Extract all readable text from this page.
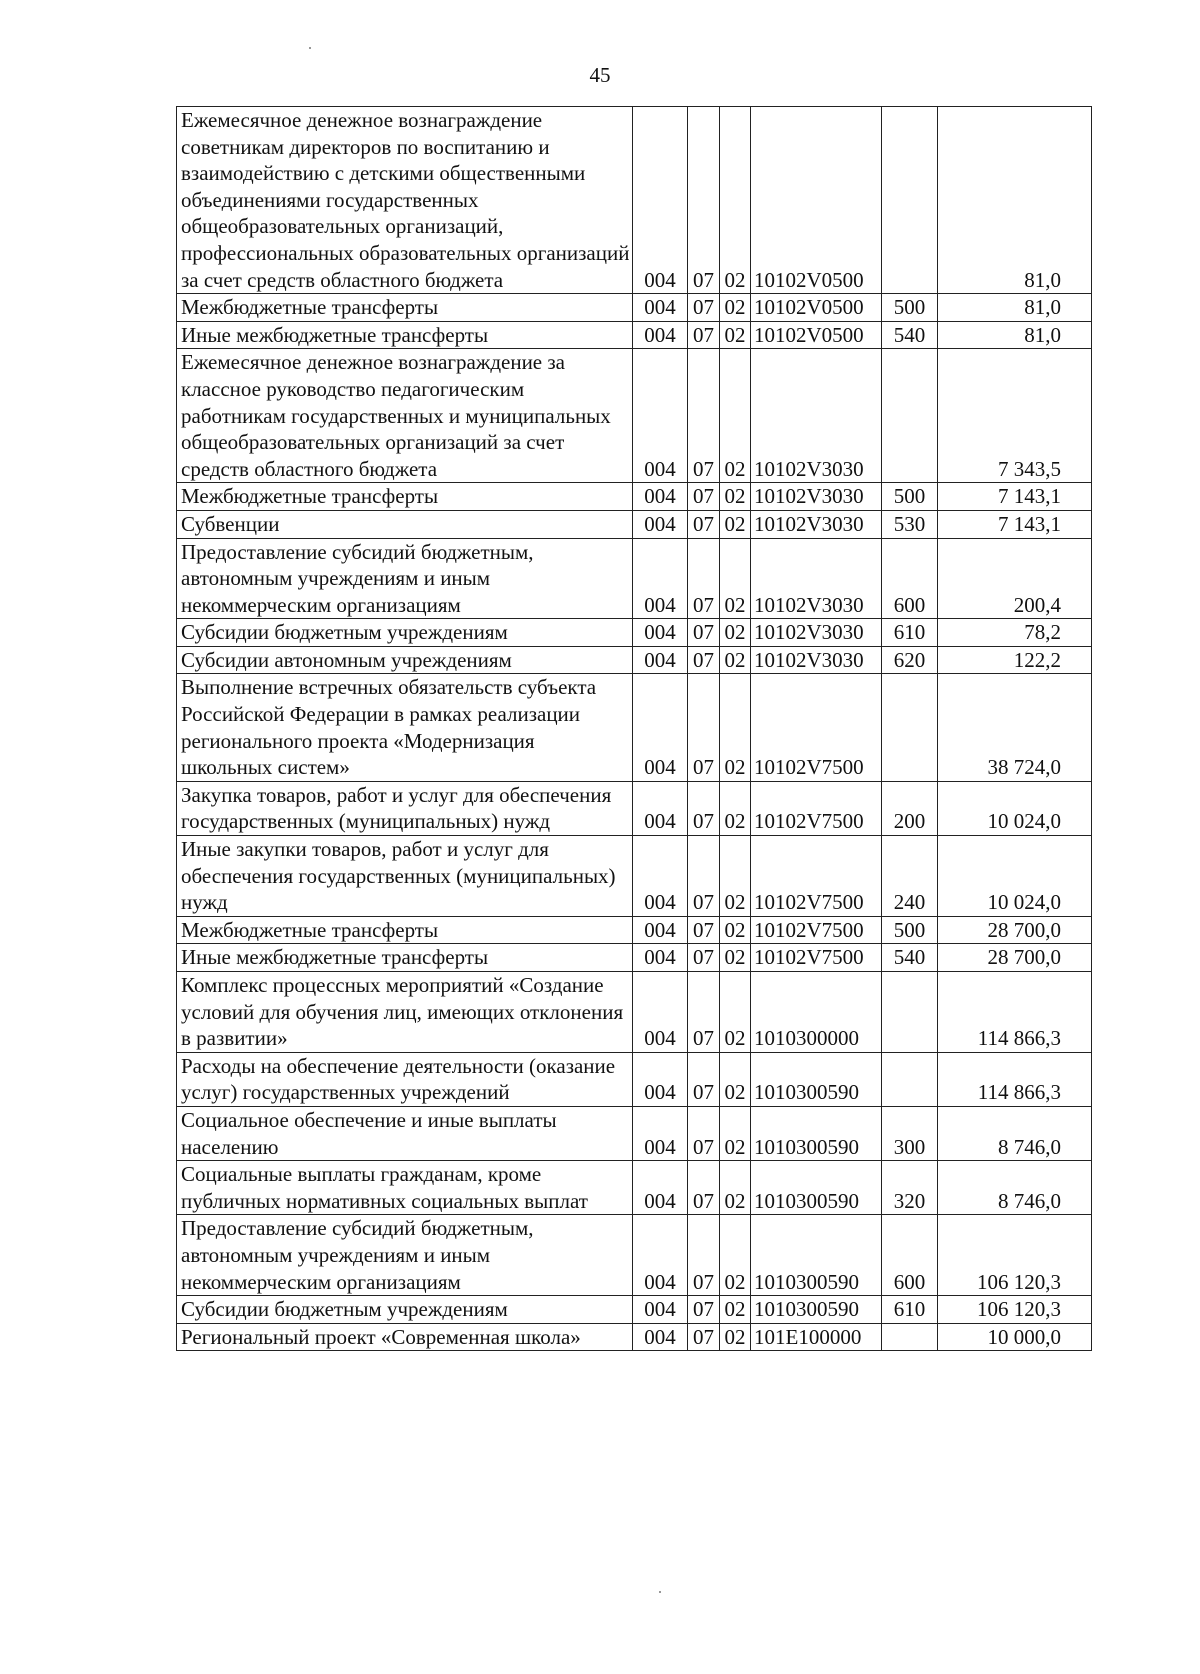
45
Ежемесячное денежное вознаграждение советникам директоров по воспитанию и взаимодействию с детскими общественными объединениями государственных общеобразовательных организаций, профессиональных образовательных организаций за счет средств областного бюджета	004	07	02	10102V0500		81,0
Межбюджетные трансферты	004	07	02	10102V0500	500	81,0
Иные межбюджетные трансферты	004	07	02	10102V0500	540	81,0
Ежемесячное денежное вознаграждение за классное руководство педагогическим работникам государственных и муниципальных общеобразовательных организаций за счет средств областного бюджета	004	07	02	10102V3030		7 343,5
Межбюджетные трансферты	004	07	02	10102V3030	500	7 143,1
Субвенции	004	07	02	10102V3030	530	7 143,1
Предоставление субсидий бюджетным, автономным учреждениям и иным некоммерческим организациям	004	07	02	10102V3030	600	200,4
Субсидии бюджетным учреждениям	004	07	02	10102V3030	610	78,2
Субсидии автономным учреждениям	004	07	02	10102V3030	620	122,2
Выполнение встречных обязательств субъекта Российской Федерации в рамках реализации регионального проекта «Модернизация школьных систем»	004	07	02	10102V7500		38 724,0
Закупка товаров, работ и услуг для обеспечения государственных (муниципальных) нужд	004	07	02	10102V7500	200	10 024,0
Иные закупки товаров, работ и услуг для обеспечения государственных (муниципальных) нужд	004	07	02	10102V7500	240	10 024,0
Межбюджетные трансферты	004	07	02	10102V7500	500	28 700,0
Иные межбюджетные трансферты	004	07	02	10102V7500	540	28 700,0
Комплекс процессных мероприятий «Создание условий для обучения лиц, имеющих отклонения в развитии»	004	07	02	1010300000		114 866,3
Расходы на обеспечение деятельности (оказание услуг) государственных учреждений	004	07	02	1010300590		114 866,3
Социальное обеспечение и иные выплаты населению	004	07	02	1010300590	300	8 746,0
Социальные выплаты гражданам, кроме публичных нормативных социальных выплат	004	07	02	1010300590	320	8 746,0
Предоставление субсидий бюджетным, автономным учреждениям и иным некоммерческим организациям	004	07	02	1010300590	600	106 120,3
Субсидии бюджетным учреждениям	004	07	02	1010300590	610	106 120,3
Региональный проект «Современная школа»	004	07	02	101E100000		10 000,0
